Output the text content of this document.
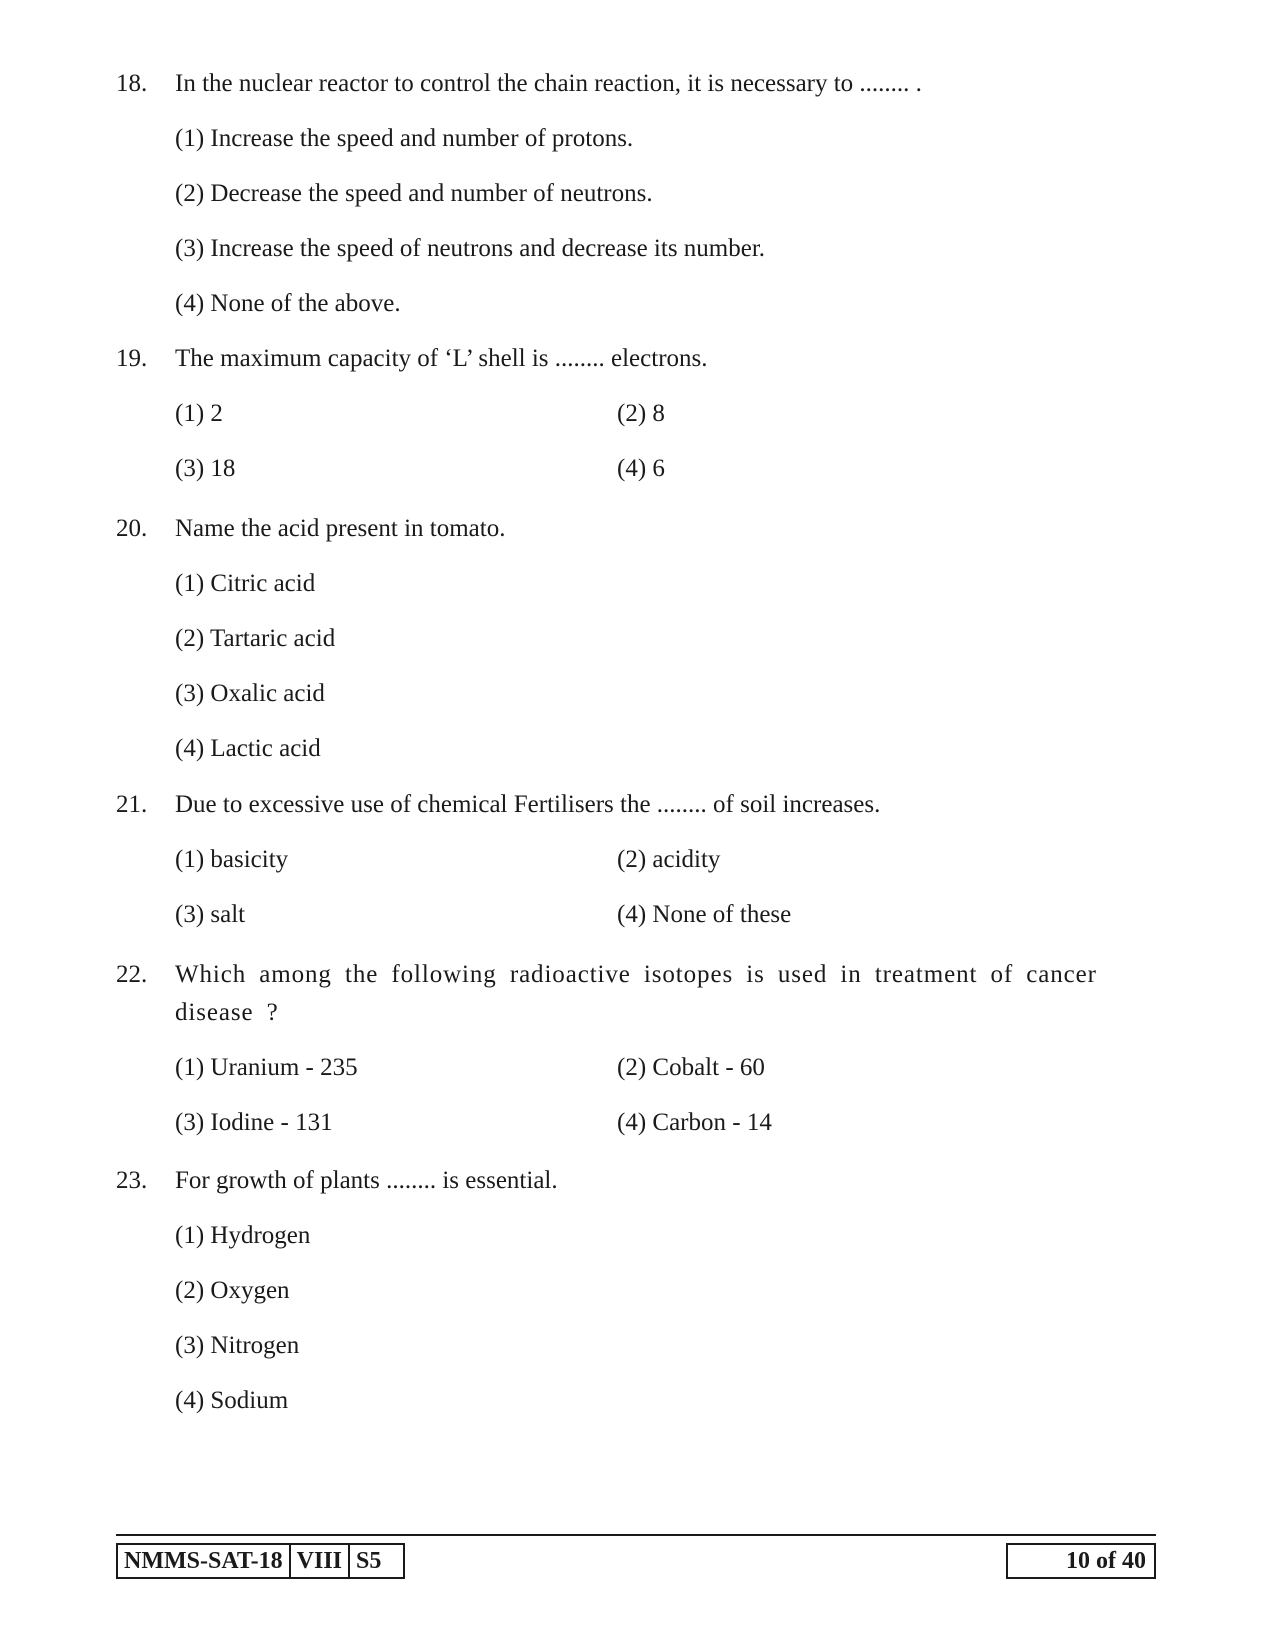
18.	In the nuclear reactor to control the chain reaction, it is necessary to ........ .
(1) Increase the speed and number of protons.
(2) Decrease the speed and number of neutrons.
(3) Increase the speed of neutrons and decrease its number.
(4) None of the above.
19.	The maximum capacity of ‘L’ shell is ........ electrons.
(1) 2	(2) 8
(3) 18	(4) 6
20.	Name the acid present in tomato.
(1) Citric acid
(2) Tartaric acid
(3) Oxalic acid
(4) Lactic acid
21.	Due to excessive use of chemical Fertilisers the ........ of soil increases.
(1) basicity	(2) acidity
(3) salt	(4) None of these
22.	Which among the following radioactive isotopes is used in treatment of cancer disease ?
(1) Uranium - 235	(2) Cobalt - 60
(3) Iodine - 131	(4) Carbon - 14
23.	For growth of plants ........ is essential.
(1) Hydrogen
(2) Oxygen
(3) Nitrogen
(4) Sodium
NMMS-SAT-18 VIII S5	10 of 40
